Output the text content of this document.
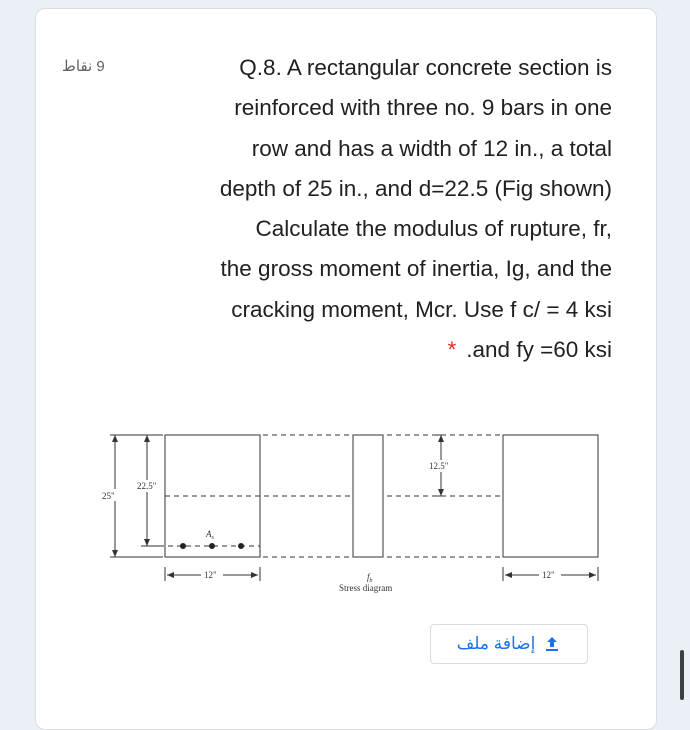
9 نقاط	Q.8. A rectangular concrete section is
reinforced with three no. 9 bars in one
row and has a width of 12 in., a total
depth of 25 in., and d=22.5 (Fig shown)
Calculate the modulus of rupture, fr,
the gross moment of inertia, Ig, and the
cracking moment, Mcr. Use f c/ = 4 ksi
* .and fy =60 ksi
25"
22.5"
$A_s$
12"	$f_b$
Stress diagram
12.5"
12"
إضافة ملف
